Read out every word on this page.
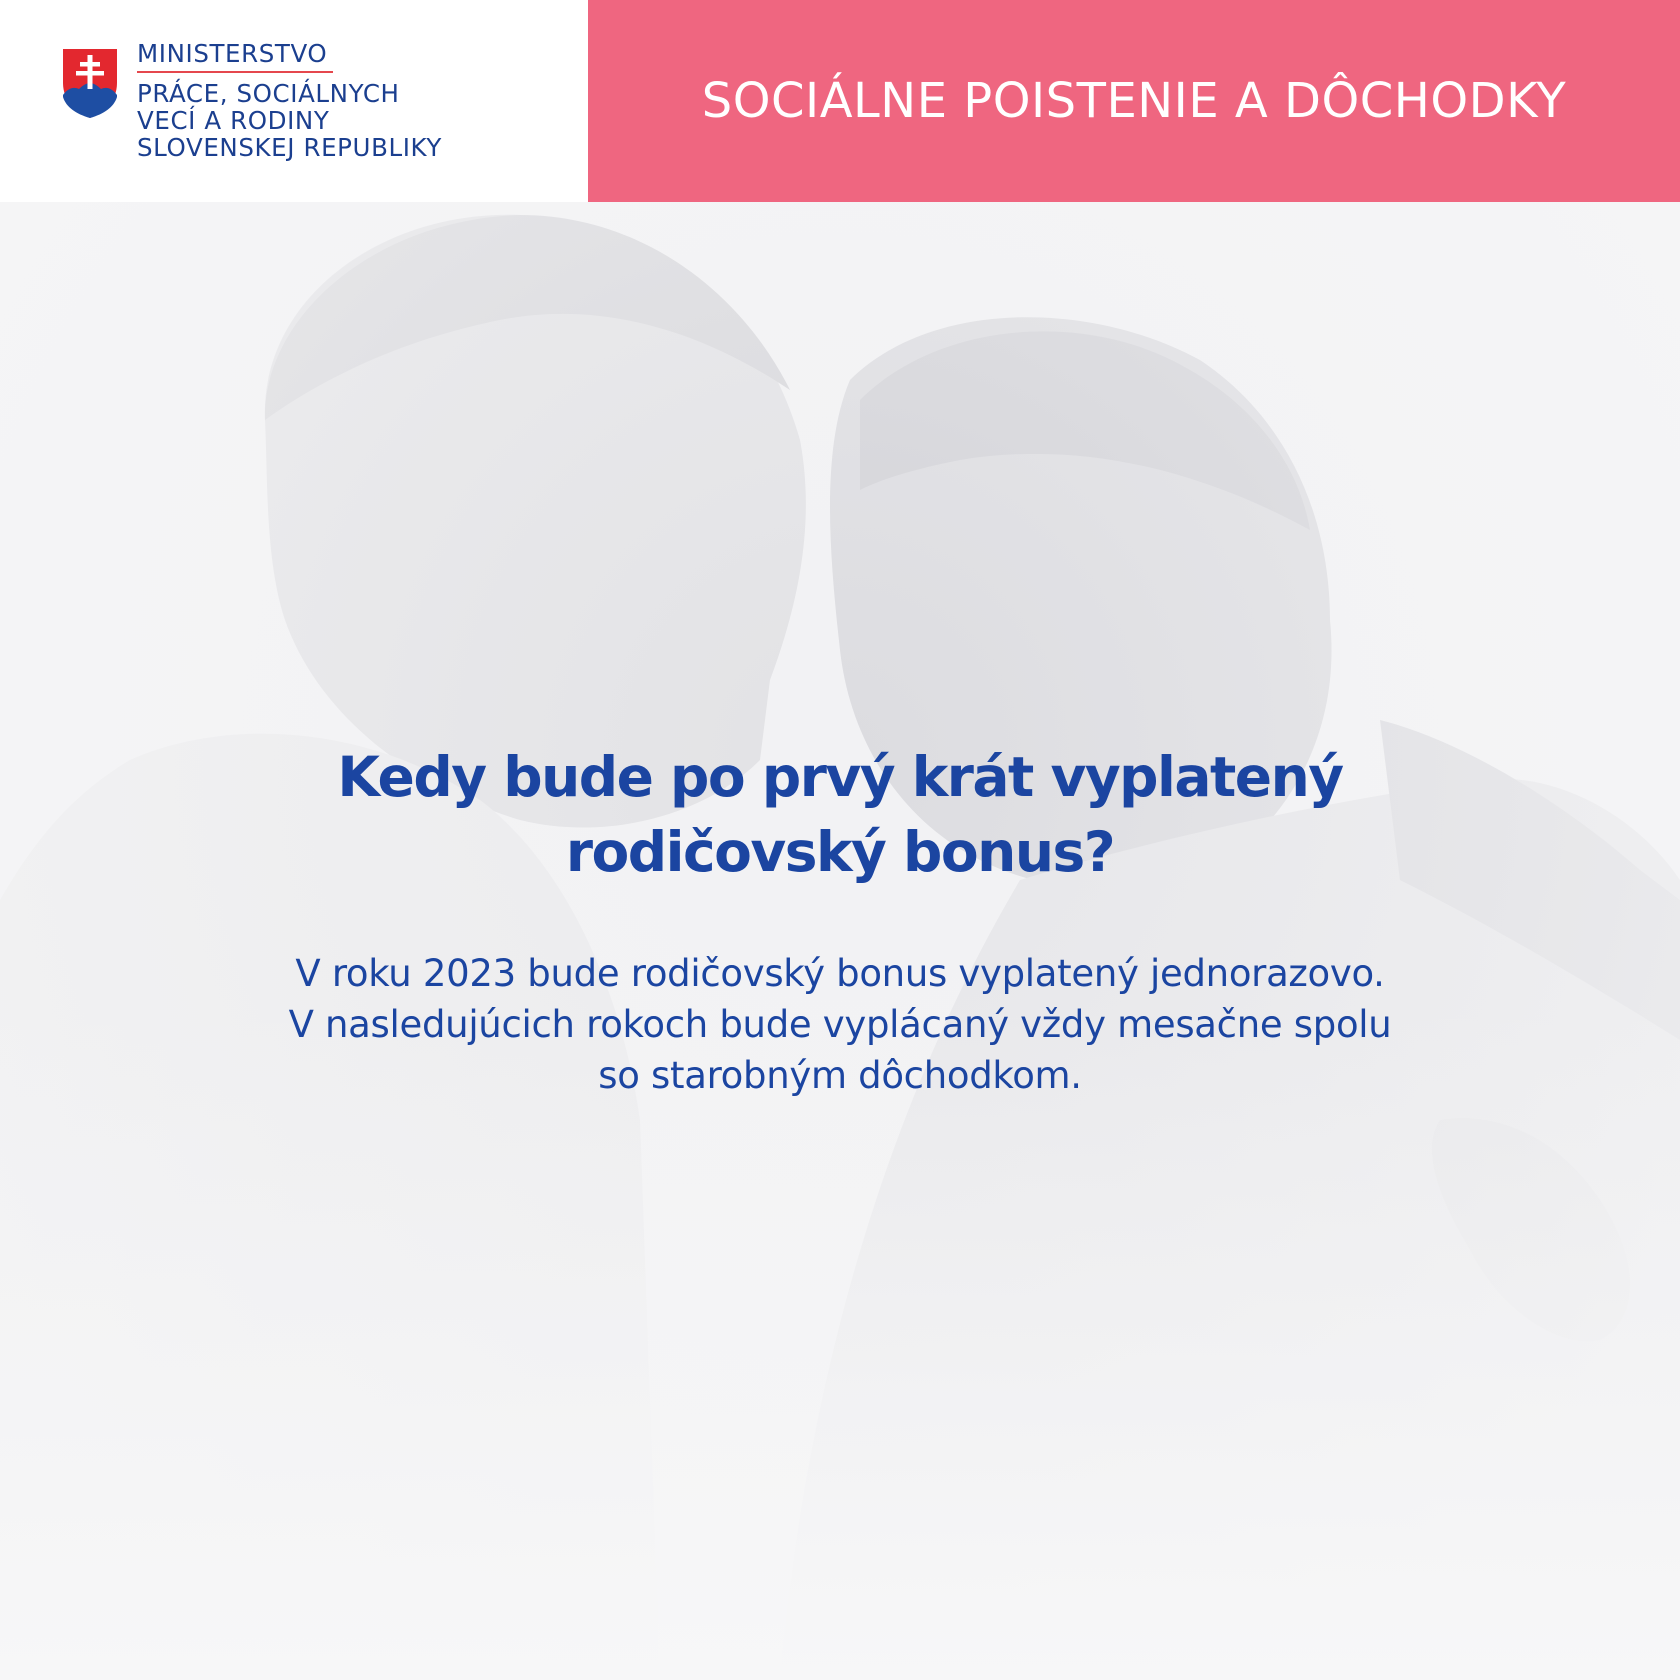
MINISTERSTVO
PRÁCE, SOCIÁLNYCH
VECÍ A RODINY
SLOVENSKEJ REPUBLIKY
SOCIÁLNE POISTENIE A DÔCHODKY
Kedy bude po prvý krát vyplatený
rodičovský bonus?
V roku 2023 bude rodičovský bonus vyplatený jednorazovo.
V nasledujúcich rokoch bude vyplácaný vždy mesačne spolu
so starobným dôchodkom.
